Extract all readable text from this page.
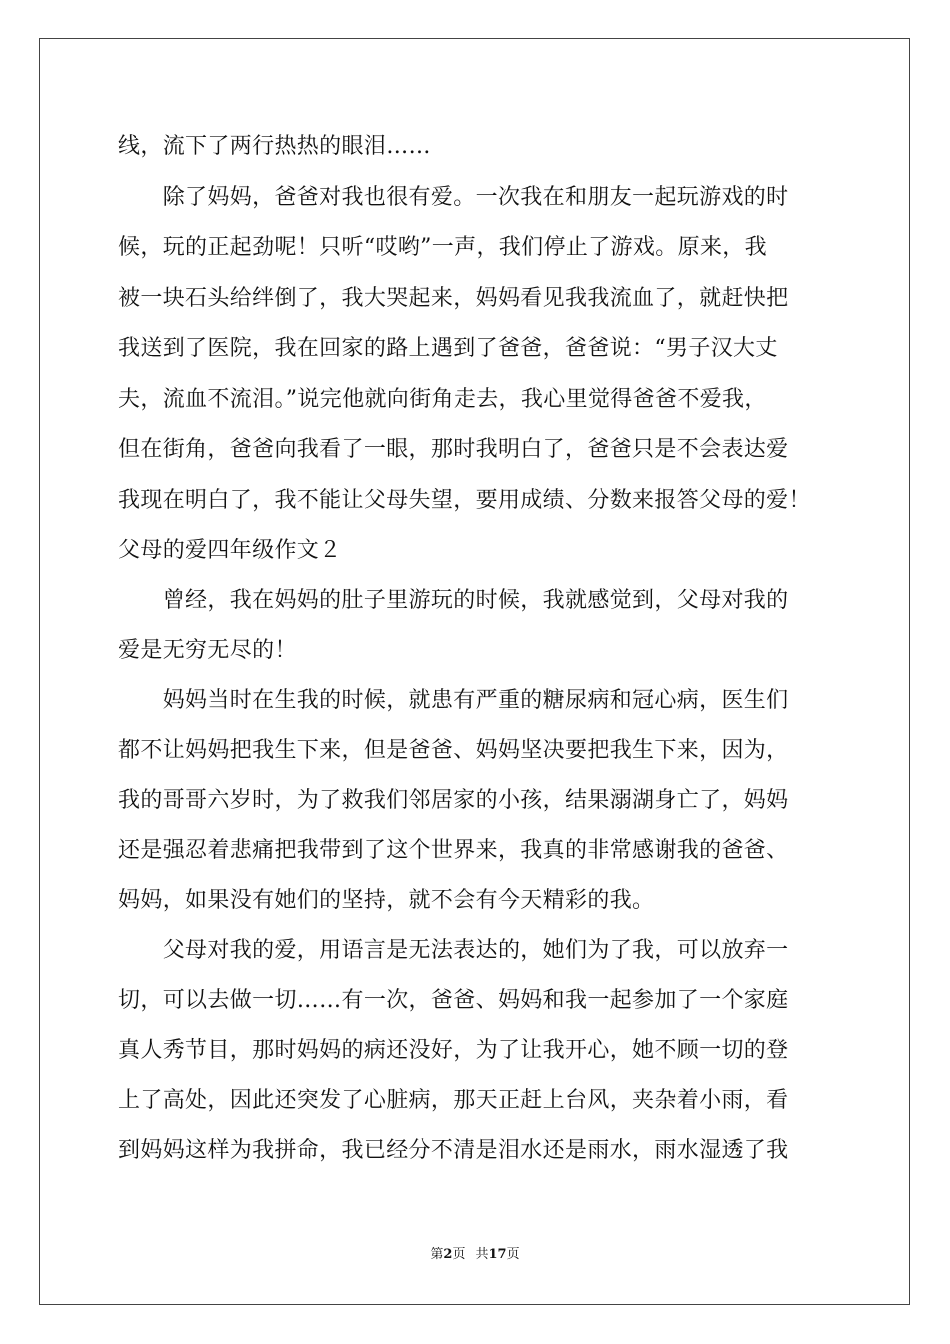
线，流下了两行热热的眼泪……
　　除了妈妈，爸爸对我也很有爱。一次我在和朋友一起玩游戏的时
候，玩的正起劲呢！只听“哎哟”一声，我们停止了游戏。原来，我
被一块石头给绊倒了，我大哭起来，妈妈看见我我流血了，就赶快把
我送到了医院，我在回家的路上遇到了爸爸，爸爸说：“男子汉大丈
夫，流血不流泪。”说完他就向街角走去，我心里觉得爸爸不爱我，
但在街角，爸爸向我看了一眼，那时我明白了，爸爸只是不会表达爱
我现在明白了，我不能让父母失望，要用成绩、分数来报答父母的爱！
父母的爱四年级作文２
　　曾经，我在妈妈的肚子里游玩的时候，我就感觉到，父母对我的
爱是无穷无尽的！
　　妈妈当时在生我的时候，就患有严重的糖尿病和冠心病，医生们
都不让妈妈把我生下来，但是爸爸、妈妈坚决要把我生下来，因为，
我的哥哥六岁时，为了救我们邻居家的小孩，结果溺湖身亡了，妈妈
还是强忍着悲痛把我带到了这个世界来，我真的非常感谢我的爸爸、
妈妈，如果没有她们的坚持，就不会有今天精彩的我。
　　父母对我的爱，用语言是无法表达的，她们为了我，可以放弃一
切，可以去做一切……有一次，爸爸、妈妈和我一起参加了一个家庭
真人秀节目，那时妈妈的病还没好，为了让我开心，她不顾一切的登
上了高处，因此还突发了心脏病，那天正赶上台风，夹杂着小雨，看
到妈妈这样为我拼命，我已经分不清是泪水还是雨水，雨水湿透了我
第2页 共17页
